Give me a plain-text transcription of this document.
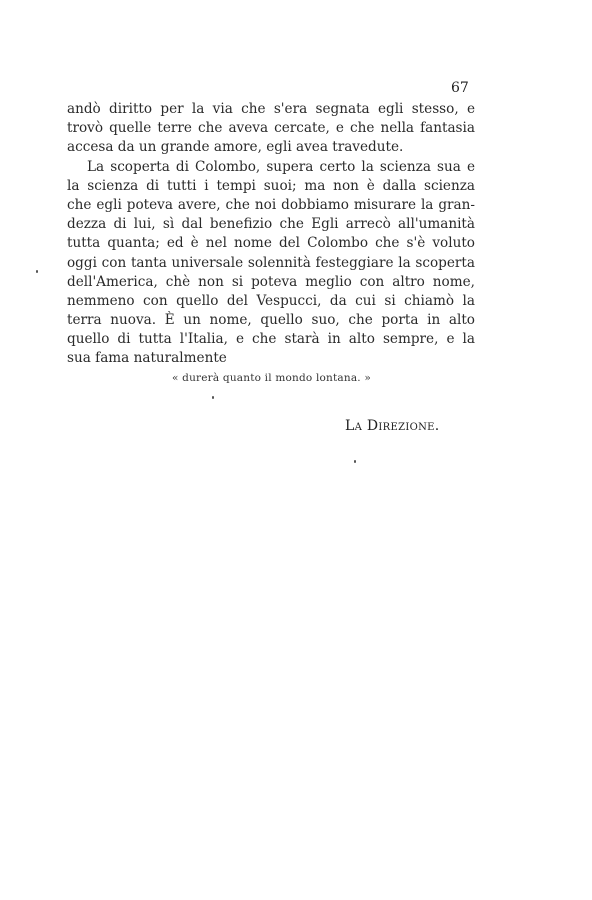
67
andò diritto per la via che s'era segnata egli stesso, e
trovò quelle terre che aveva cercate, e che nella fantasia
accesa da un grande amore, egli avea travedute.
La scoperta di Colombo, supera certo la scienza sua e
la scienza di tutti i tempi suoi; ma non è dalla scienza
che egli poteva avere, che noi dobbiamo misurare la gran-
dezza di lui, sì dal benefizio che Egli arrecò all'umanità
tutta quanta; ed è nel nome del Colombo che s'è voluto
oggi con tanta universale solennità festeggiare la scoperta
dell'America, chè non si poteva meglio con altro nome,
nemmeno con quello del Vespucci, da cui si chiamò la
terra nuova. È un nome, quello suo, che porta in alto
quello di tutta l'Italia, e che starà in alto sempre, e la
sua fama naturalmente
« durerà quanto il mondo lontana. »
La Direzione.
